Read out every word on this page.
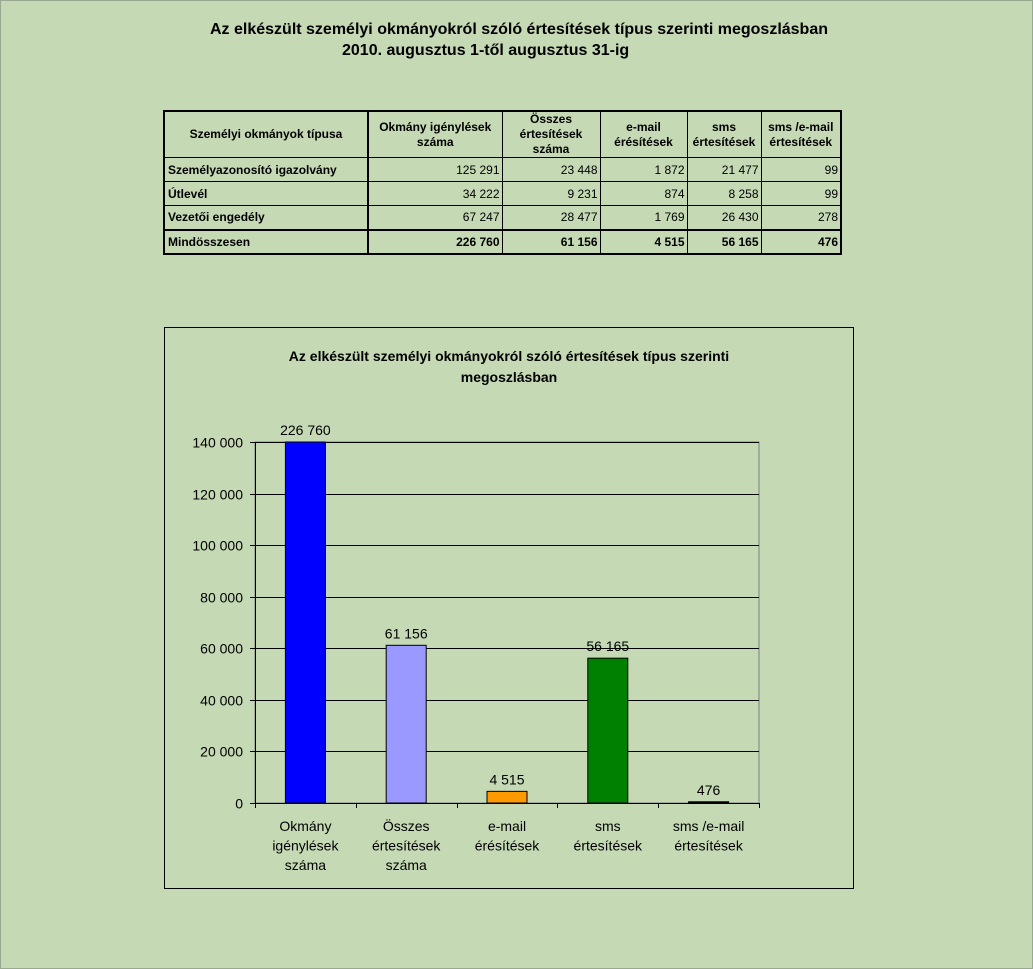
Az elkészült személyi okmányokról szóló értesítések típus szerinti megoszlásban
2010. augusztus 1-től augusztus 31-ig
Személyi okmányok típusa	Okmány igénylések száma	Összes értesítések száma	e-mail érésítések	sms értesítések	sms /e-mail értesítések
Személyazonosító igazolvány	125 291	23 448	1 872	21 477	99
Útlevél	34 222	9 231	874	8 258	99
Vezetői engedély	67 247	28 477	1 769	26 430	278
Mindösszesen	226 760	61 156	4 515	56 165	476
Az elkészült személyi okmányokról szóló értesítések típus szerinti
megoszlásban
0
20 000
40 000
60 000
80 000
100 000
120 000
140 000
226 760
Okmány
igénylések
száma
61 156
Összes
értesítések
száma
4 515
e-mail
érésítések
56 165
sms
értesítések
476
sms /e-mail
értesítések
